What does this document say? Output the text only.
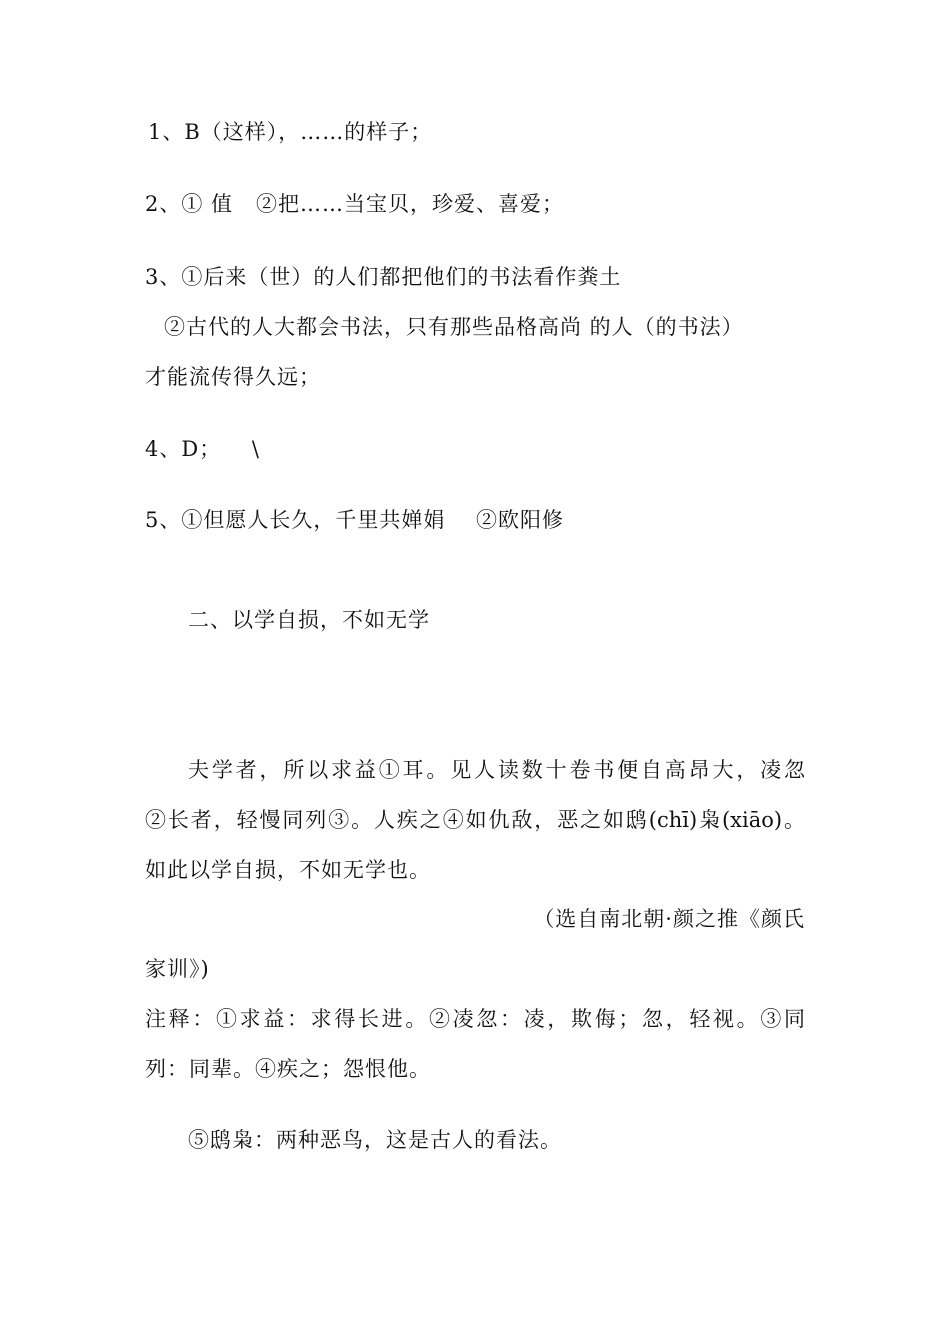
1、B（这样），……的样子；
2、① 值   ②把……当宝贝，珍爱、喜爱；
3、①后来（世）的人们都把他们的书法看作粪土
②古代的人大都会书法，只有那些品格高尚 的人（的书法）
才能流传得久远；
4、D；    \
5、①但愿人长久，千里共婵娟    ②欧阳修
二、以学自损，不如无学
夫学者，所以求益①耳。见人读数十卷书便自高昂大，凌忽
②长者，轻慢同列③。人疾之④如仇敌，恶之如鸱(chī)枭(xiāo)。
如此以学自损，不如无学也。
（选自南北朝·颜之推《颜氏
家训》)
注释：①求益：求得长进。②凌忽：凌，欺侮；忽，轻视。③同
列：同辈。④疾之；怨恨他。
⑤鸱枭：两种恶鸟，这是古人的看法。
